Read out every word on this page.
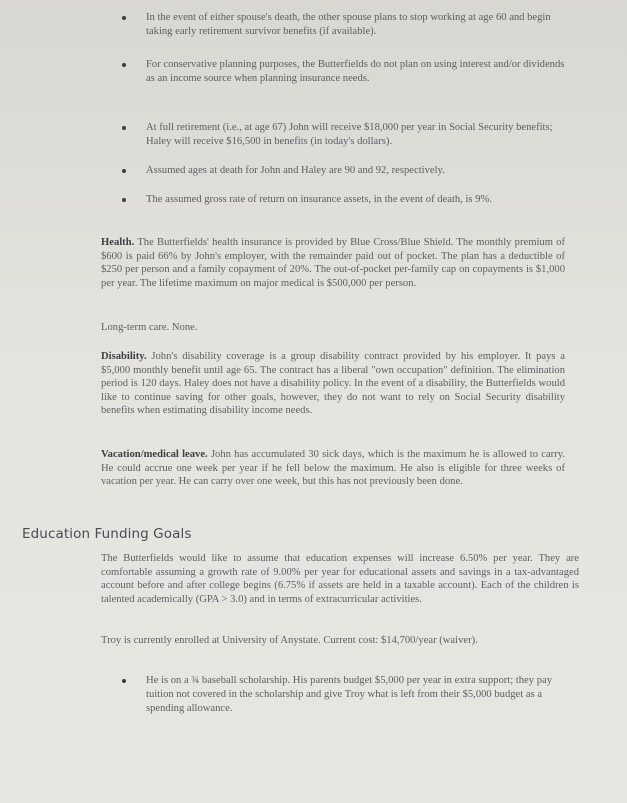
In the event of either spouse's death, the other spouse plans to stop working at age 60 and begin taking early retirement survivor benefits (if available).
For conservative planning purposes, the Butterfields do not plan on using interest and/or dividends as an income source when planning insurance needs.
At full retirement (i.e., at age 67) John will receive $18,000 per year in Social Security benefits; Haley will receive $16,500 in benefits (in today's dollars).
Assumed ages at death for John and Haley are 90 and 92, respectively.
The assumed gross rate of return on insurance assets, in the event of death, is 9%.

Health. The Butterfields' health insurance is provided by Blue Cross/Blue Shield. The monthly premium of $600 is paid 66% by John's employer, with the remainder paid out of pocket. The plan has a deductible of $250 per person and a family copayment of 20%. The out-of-pocket per-family cap on copayments is $1,000 per year. The lifetime maximum on major medical is $500,000 per person.

Long-term care. None.

Disability. John's disability coverage is a group disability contract provided by his employer. It pays a $5,000 monthly benefit until age 65. The contract has a liberal "own occupation" definition. The elimination period is 120 days. Haley does not have a disability policy. In the event of a disability, the Butterfields would like to continue saving for other goals, however, they do not want to rely on Social Security disability benefits when estimating disability income needs.

Vacation/medical leave. John has accumulated 30 sick days, which is the maximum he is allowed to carry. He could accrue one week per year if he fell below the maximum. He also is eligible for three weeks of vacation per year. He can carry over one week, but this has not previously been done.

Education Funding Goals

The Butterfields would like to assume that education expenses will increase 6.50% per year. They are comfortable assuming a growth rate of 9.00% per year for educational assets and savings in a tax-advantaged account before and after college begins (6.75% if assets are held in a taxable account). Each of the children is talented academically (GPA > 3.0) and in terms of extracurricular activities.

Troy is currently enrolled at University of Anystate. Current cost: $14,700/year (waiver).

He is on a ¾ baseball scholarship. His parents budget $5,000 per year in extra support; they pay tuition not covered in the scholarship and give Troy what is left from their $5,000 budget as a spending allowance.
